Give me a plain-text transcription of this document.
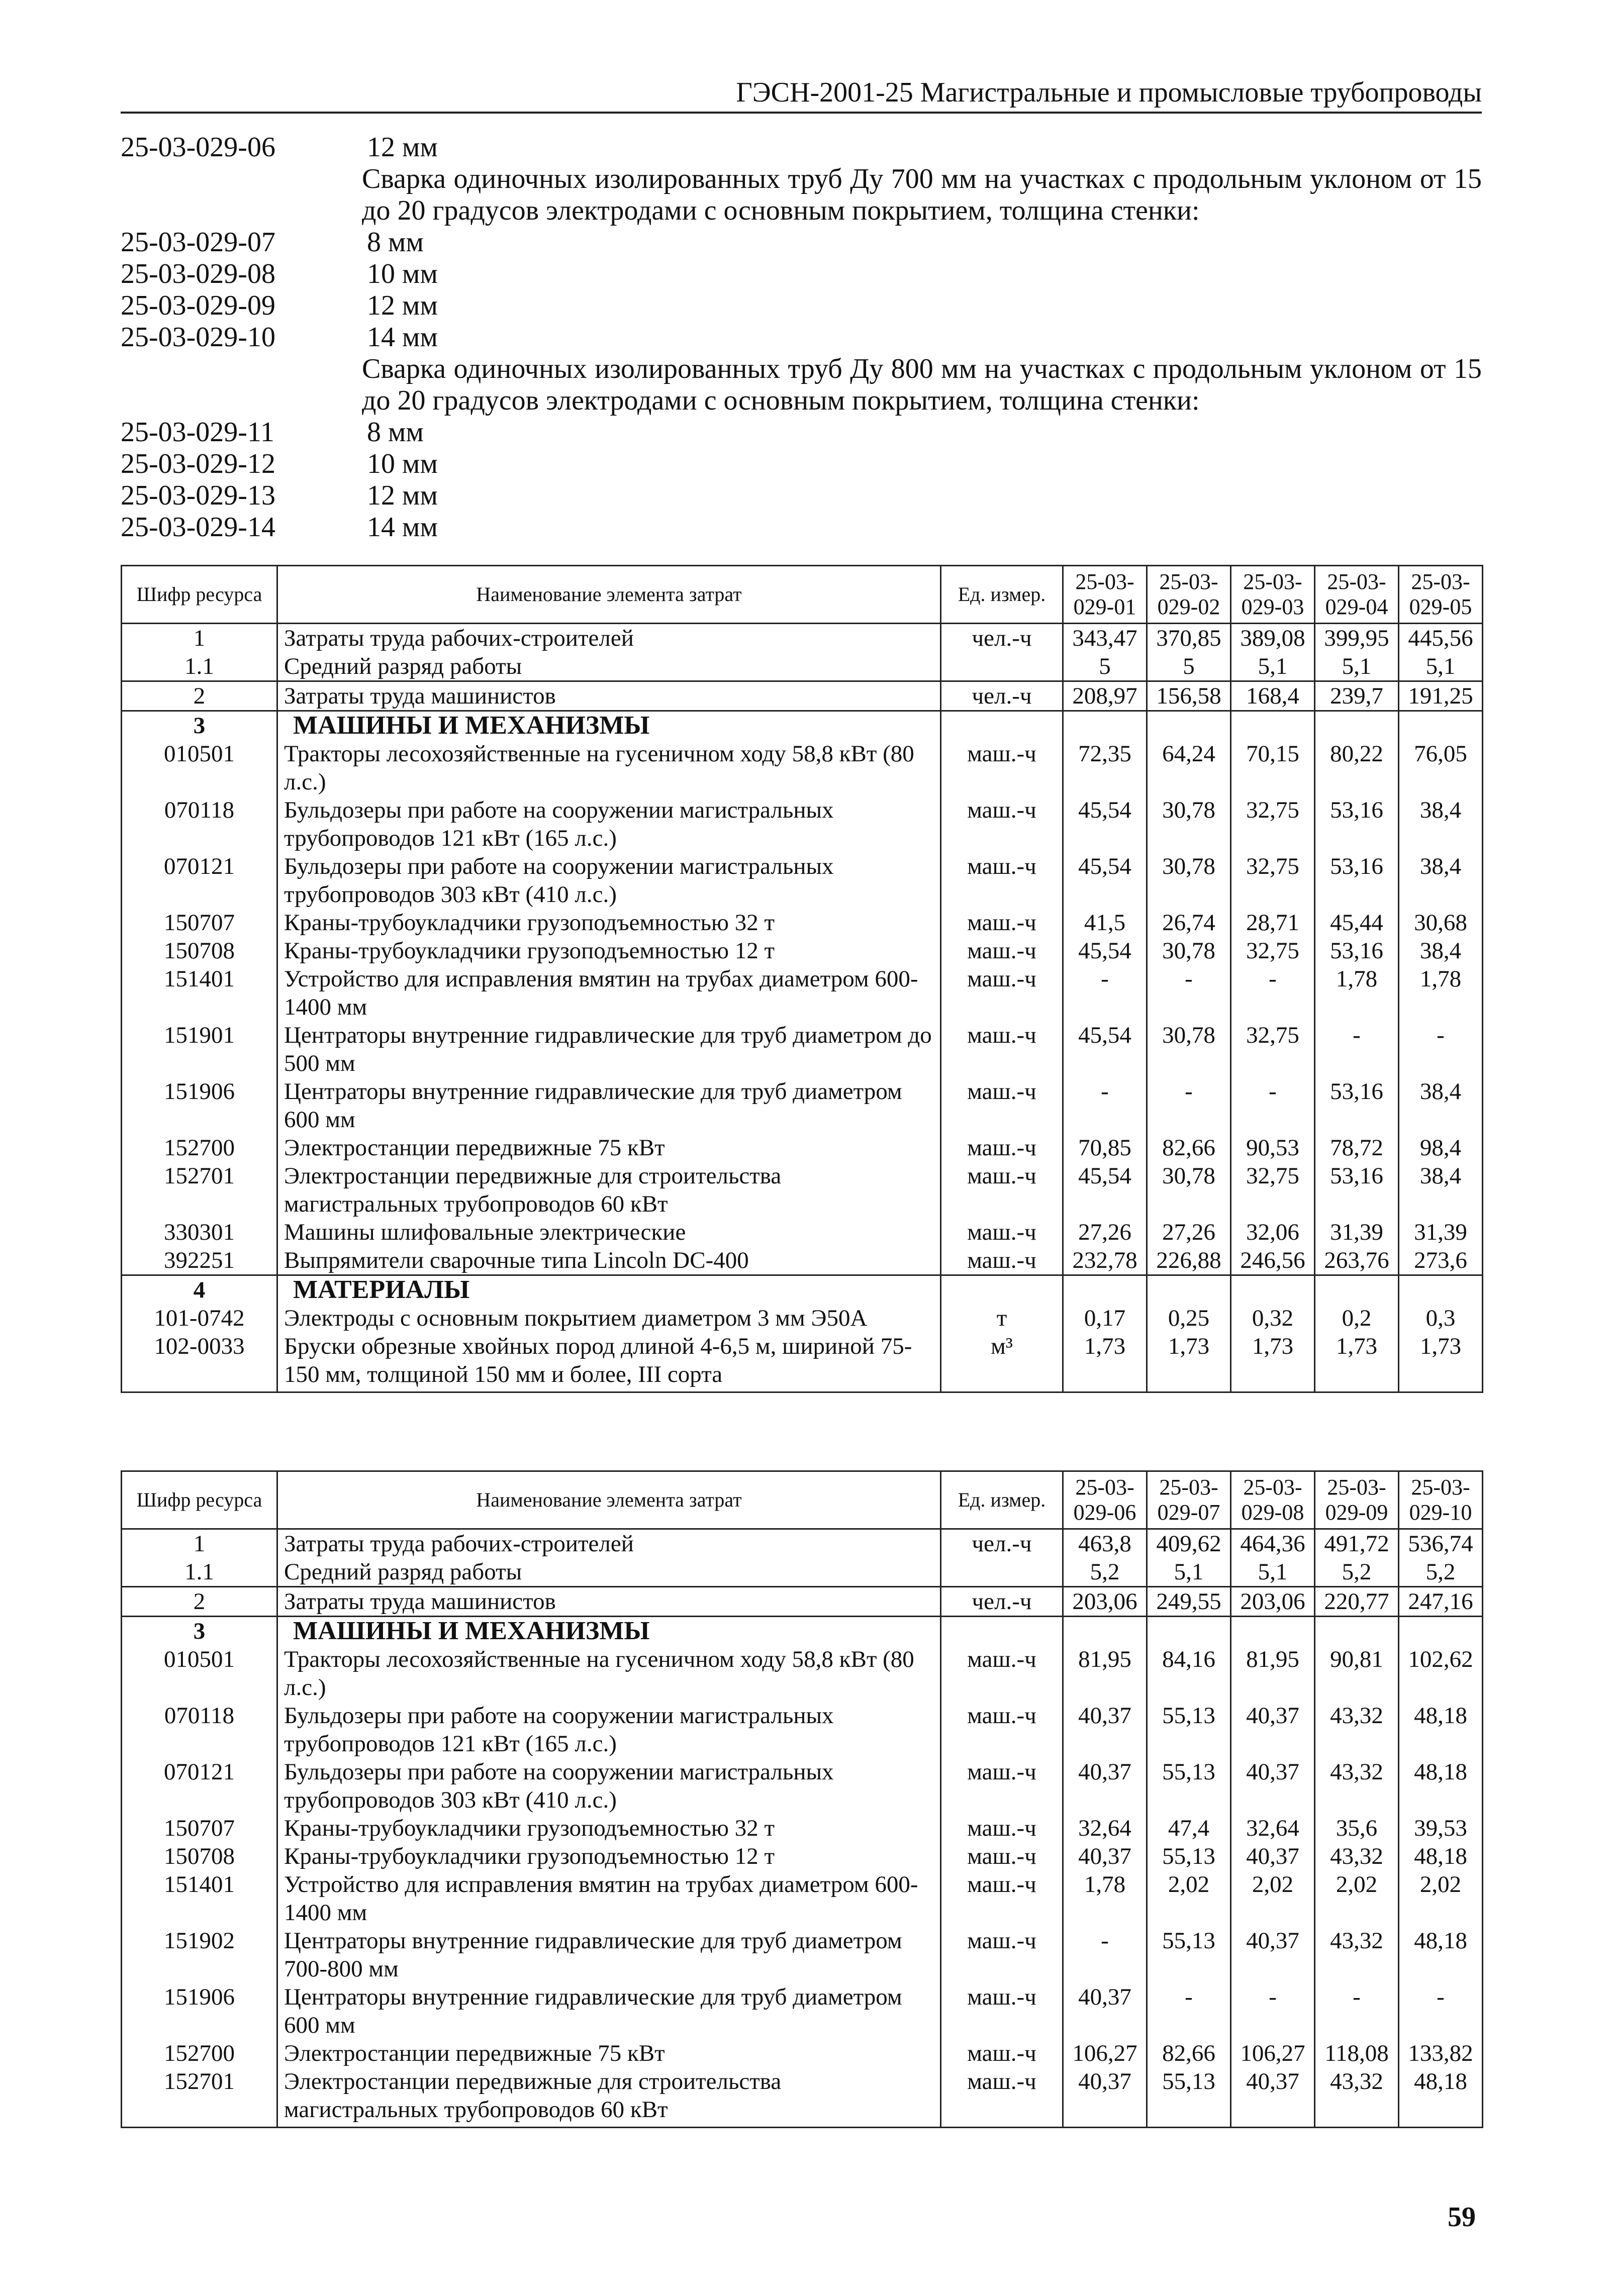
ГЭСН-2001-25 Магистральные и промысловые трубопроводы
25-03-029-06	12 мм
Сварка одиночных изолированных труб Ду 700 мм на участках с продольным уклоном от 15 до 20 градусов электродами с основным покрытием, толщина стенки:
25-03-029-07	8 мм
25-03-029-08	10 мм
25-03-029-09	12 мм
25-03-029-10	14 мм
Сварка одиночных изолированных труб Ду 800 мм на участках с продольным уклоном от 15 до 20 градусов электродами с основным покрытием, толщина стенки:
25-03-029-11	8 мм
25-03-029-12	10 мм
25-03-029-13	12 мм
25-03-029-14	14 мм
Шифр ресурса	Наименование элемента затрат	Ед. измер.	25-03-029-01	25-03-029-02	25-03-029-03	25-03-029-04	25-03-029-05
1	Затраты труда рабочих-строителей	чел.-ч	343,47	370,85	389,08	399,95	445,56
1.1	Средний разряд работы		5	5	5,1	5,1	5,1
2	Затраты труда машинистов	чел.-ч	208,97	156,58	168,4	239,7	191,25
3	МАШИНЫ И МЕХАНИЗМЫ						
010501	Тракторы лесохозяйственные на гусеничном ходу 58,8 кВт (80 л.с.)	маш.-ч	72,35	64,24	70,15	80,22	76,05
070118	Бульдозеры при работе на сооружении магистральных трубопроводов 121 кВт (165 л.с.)	маш.-ч	45,54	30,78	32,75	53,16	38,4
070121	Бульдозеры при работе на сооружении магистральных трубопроводов 303 кВт (410 л.с.)	маш.-ч	45,54	30,78	32,75	53,16	38,4
150707	Краны-трубоукладчики грузоподъемностью 32 т	маш.-ч	41,5	26,74	28,71	45,44	30,68
150708	Краны-трубоукладчики грузоподъемностью 12 т	маш.-ч	45,54	30,78	32,75	53,16	38,4
151401	Устройство для исправления вмятин на трубах диаметром 600-1400 мм	маш.-ч	-	-	-	1,78	1,78
151901	Центраторы внутренние гидравлические для труб диаметром до 500 мм	маш.-ч	45,54	30,78	32,75	-	-
151906	Центраторы внутренние гидравлические для труб диаметром 600 мм	маш.-ч	-	-	-	53,16	38,4
152700	Электростанции передвижные 75 кВт	маш.-ч	70,85	82,66	90,53	78,72	98,4
152701	Электростанции передвижные для строительства магистральных трубопроводов 60 кВт	маш.-ч	45,54	30,78	32,75	53,16	38,4
330301	Машины шлифовальные электрические	маш.-ч	27,26	27,26	32,06	31,39	31,39
392251	Выпрямители сварочные типа Lincoln DC-400	маш.-ч	232,78	226,88	246,56	263,76	273,6
4	МАТЕРИАЛЫ						
101-0742	Электроды с основным покрытием диаметром 3 мм Э50А	т	0,17	0,25	0,32	0,2	0,3
102-0033	Бруски обрезные хвойных пород длиной 4-6,5 м, шириной 75-150 мм, толщиной 150 мм и более, III сорта	м³	1,73	1,73	1,73	1,73	1,73
Шифр ресурса	Наименование элемента затрат	Ед. измер.	25-03-029-06	25-03-029-07	25-03-029-08	25-03-029-09	25-03-029-10
1	Затраты труда рабочих-строителей	чел.-ч	463,8	409,62	464,36	491,72	536,74
1.1	Средний разряд работы		5,2	5,1	5,1	5,2	5,2
2	Затраты труда машинистов	чел.-ч	203,06	249,55	203,06	220,77	247,16
3	МАШИНЫ И МЕХАНИЗМЫ						
010501	Тракторы лесохозяйственные на гусеничном ходу 58,8 кВт (80 л.с.)	маш.-ч	81,95	84,16	81,95	90,81	102,62
070118	Бульдозеры при работе на сооружении магистральных трубопроводов 121 кВт (165 л.с.)	маш.-ч	40,37	55,13	40,37	43,32	48,18
070121	Бульдозеры при работе на сооружении магистральных трубопроводов 303 кВт (410 л.с.)	маш.-ч	40,37	55,13	40,37	43,32	48,18
150707	Краны-трубоукладчики грузоподъемностью 32 т	маш.-ч	32,64	47,4	32,64	35,6	39,53
150708	Краны-трубоукладчики грузоподъемностью 12 т	маш.-ч	40,37	55,13	40,37	43,32	48,18
151401	Устройство для исправления вмятин на трубах диаметром 600-1400 мм	маш.-ч	1,78	2,02	2,02	2,02	2,02
151902	Центраторы внутренние гидравлические для труб диаметром 700-800 мм	маш.-ч	-	55,13	40,37	43,32	48,18
151906	Центраторы внутренние гидравлические для труб диаметром 600 мм	маш.-ч	40,37	-	-	-	-
152700	Электростанции передвижные 75 кВт	маш.-ч	106,27	82,66	106,27	118,08	133,82
152701	Электростанции передвижные для строительства магистральных трубопроводов 60 кВт	маш.-ч	40,37	55,13	40,37	43,32	48,18
59
